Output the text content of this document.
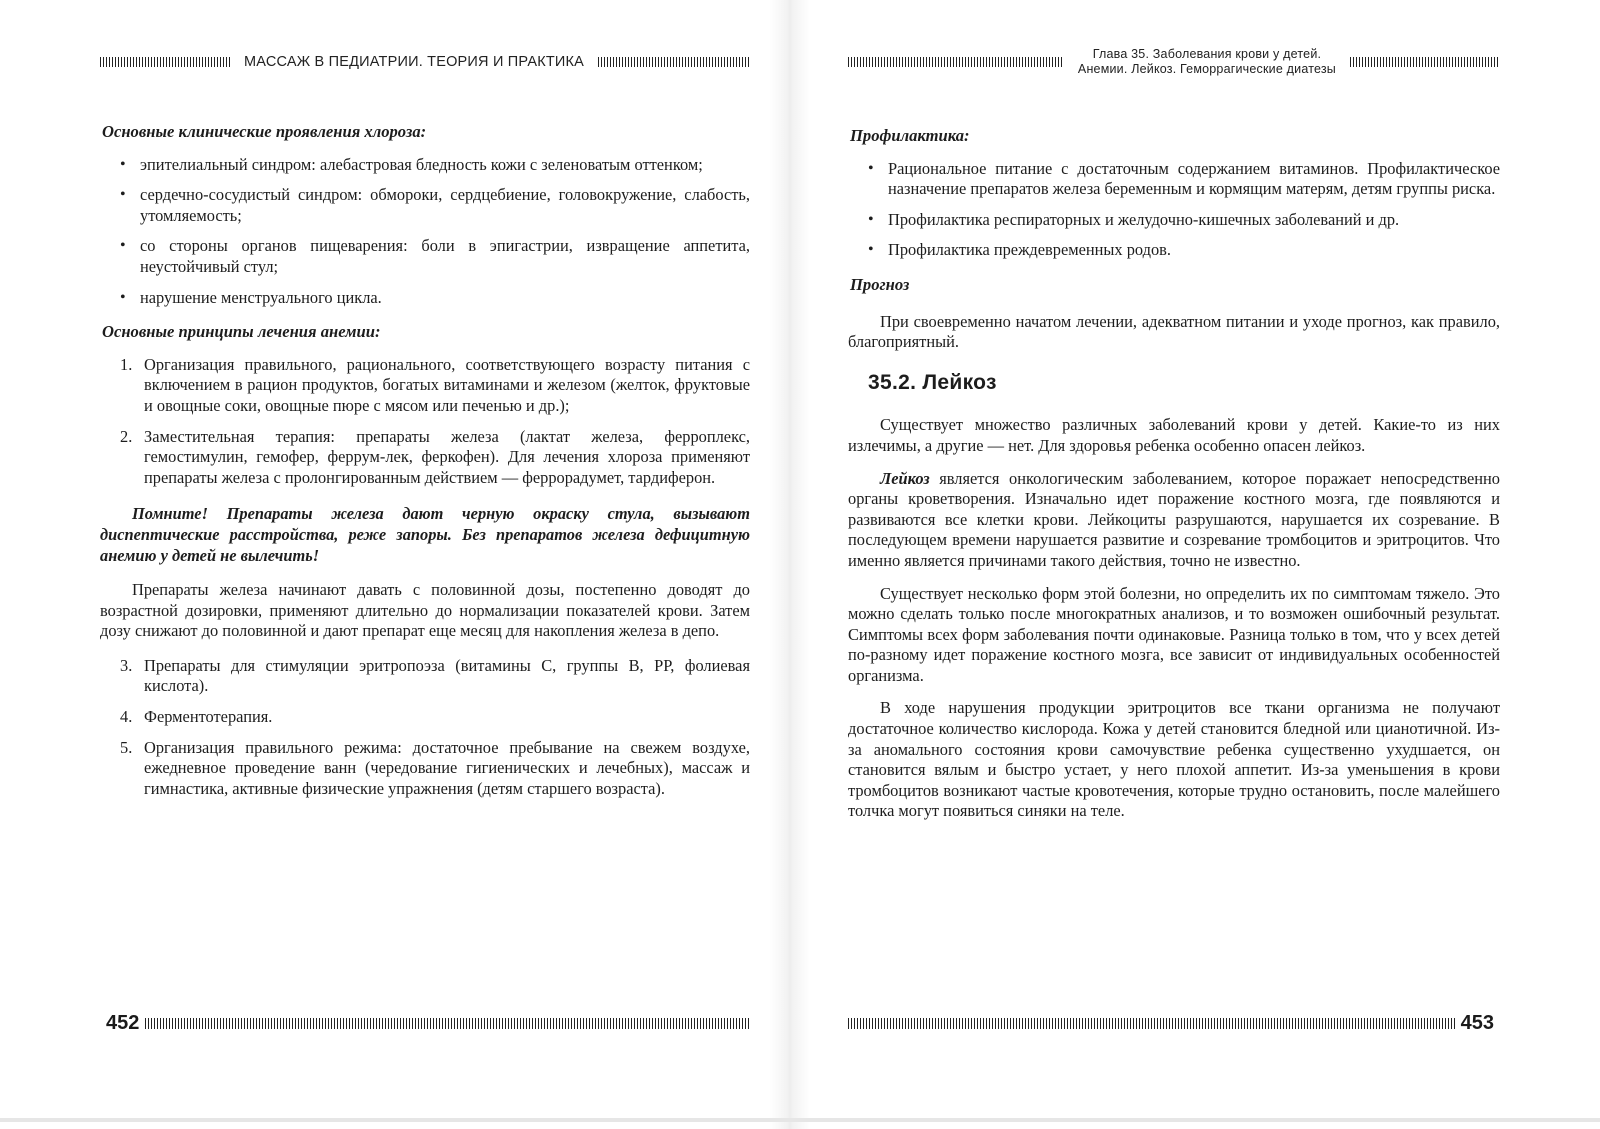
МАССАЖ В ПЕДИАТРИИ. ТЕОРИЯ И ПРАКТИКА
Основные клинические проявления хлороза:
• эпителиальный синдром: алебастровая бледность кожи с зеленоватым оттенком;
• сердечно-сосудистый синдром: обмороки, сердцебиение, головокружение, слабость, утомляемость;
• со стороны органов пищеварения: боли в эпигастрии, извращение аппетита, неустойчивый стул;
• нарушение менструального цикла.
Основные принципы лечения анемии:
1. Организация правильного, рационального, соответствующего возрасту питания с включением в рацион продуктов, богатых витаминами и железом (желток, фруктовые и овощные соки, овощные пюре с мясом или печенью и др.);
2. Заместительная терапия: препараты железа (лактат железа, ферроплекс, гемостимулин, гемофер, феррум-лек, феркофен). Для лечения хлороза применяют препараты железа с пролонгированным действием — феррорадумет, тардиферон.

Помните! Препараты железа дают черную окраску стула, вызывают диспептические расстройства, реже запоры. Без препаратов железа дефицитную анемию у детей не вылечить!

Препараты железа начинают давать с половинной дозы, постепенно доводят до возрастной дозировки, применяют длительно до нормализации показателей крови. Затем дозу снижают до половинной и дают препарат еще месяц для накопления железа в депо.

3. Препараты для стимуляции эритропоэза (витамины С, группы В, РР, фолиевая кислота).
4. Ферментотерапия.
5. Организация правильного режима: достаточное пребывание на свежем воздухе, ежедневное проведение ванн (чередование гигиенических и лечебных), массаж и гимнастика, активные физические упражнения (детям старшего возраста).
452
Глава 35. Заболевания крови у детей.
Анемии. Лейкоз. Геморрагические диатезы
Профилактика:
• Рациональное питание с достаточным содержанием витаминов. Профилактическое назначение препаратов железа беременным и кормящим матерям, детям группы риска.
• Профилактика респираторных и желудочно-кишечных заболеваний и др.
• Профилактика преждевременных родов.
Прогноз

При своевременно начатом лечении, адекватном питании и уходе прогноз, как правило, благоприятный.

35.2. Лейкоз

Существует множество различных заболеваний крови у детей. Какие-то из них излечимы, а другие — нет. Для здоровья ребенка особенно опасен лейкоз.

Лейкоз является онкологическим заболеванием, которое поражает непосредственно органы кроветворения. Изначально идет поражение костного мозга, где появляются и развиваются все клетки крови. Лейкоциты разрушаются, нарушается их созревание. В последующем времени нарушается развитие и созревание тромбоцитов и эритроцитов. Что именно является причинами такого действия, точно не известно.

Существует несколько форм этой болезни, но определить их по симптомам тяжело. Это можно сделать только после многократных анализов, и то возможен ошибочный результат. Симптомы всех форм заболевания почти одинаковые. Разница только в том, что у всех детей по-разному идет поражение костного мозга, все зависит от индивидуальных особенностей организма.

В ходе нарушения продукции эритроцитов все ткани организма не получают достаточное количество кислорода. Кожа у детей становится бледной или цианотичной. Из-за аномального состояния крови самочувствие ребенка существенно ухудшается, он становится вялым и быстро устает, у него плохой аппетит. Из-за уменьшения в крови тромбоцитов возникают частые кровотечения, которые трудно остановить, после малейшего толчка могут появиться синяки на теле.

453
